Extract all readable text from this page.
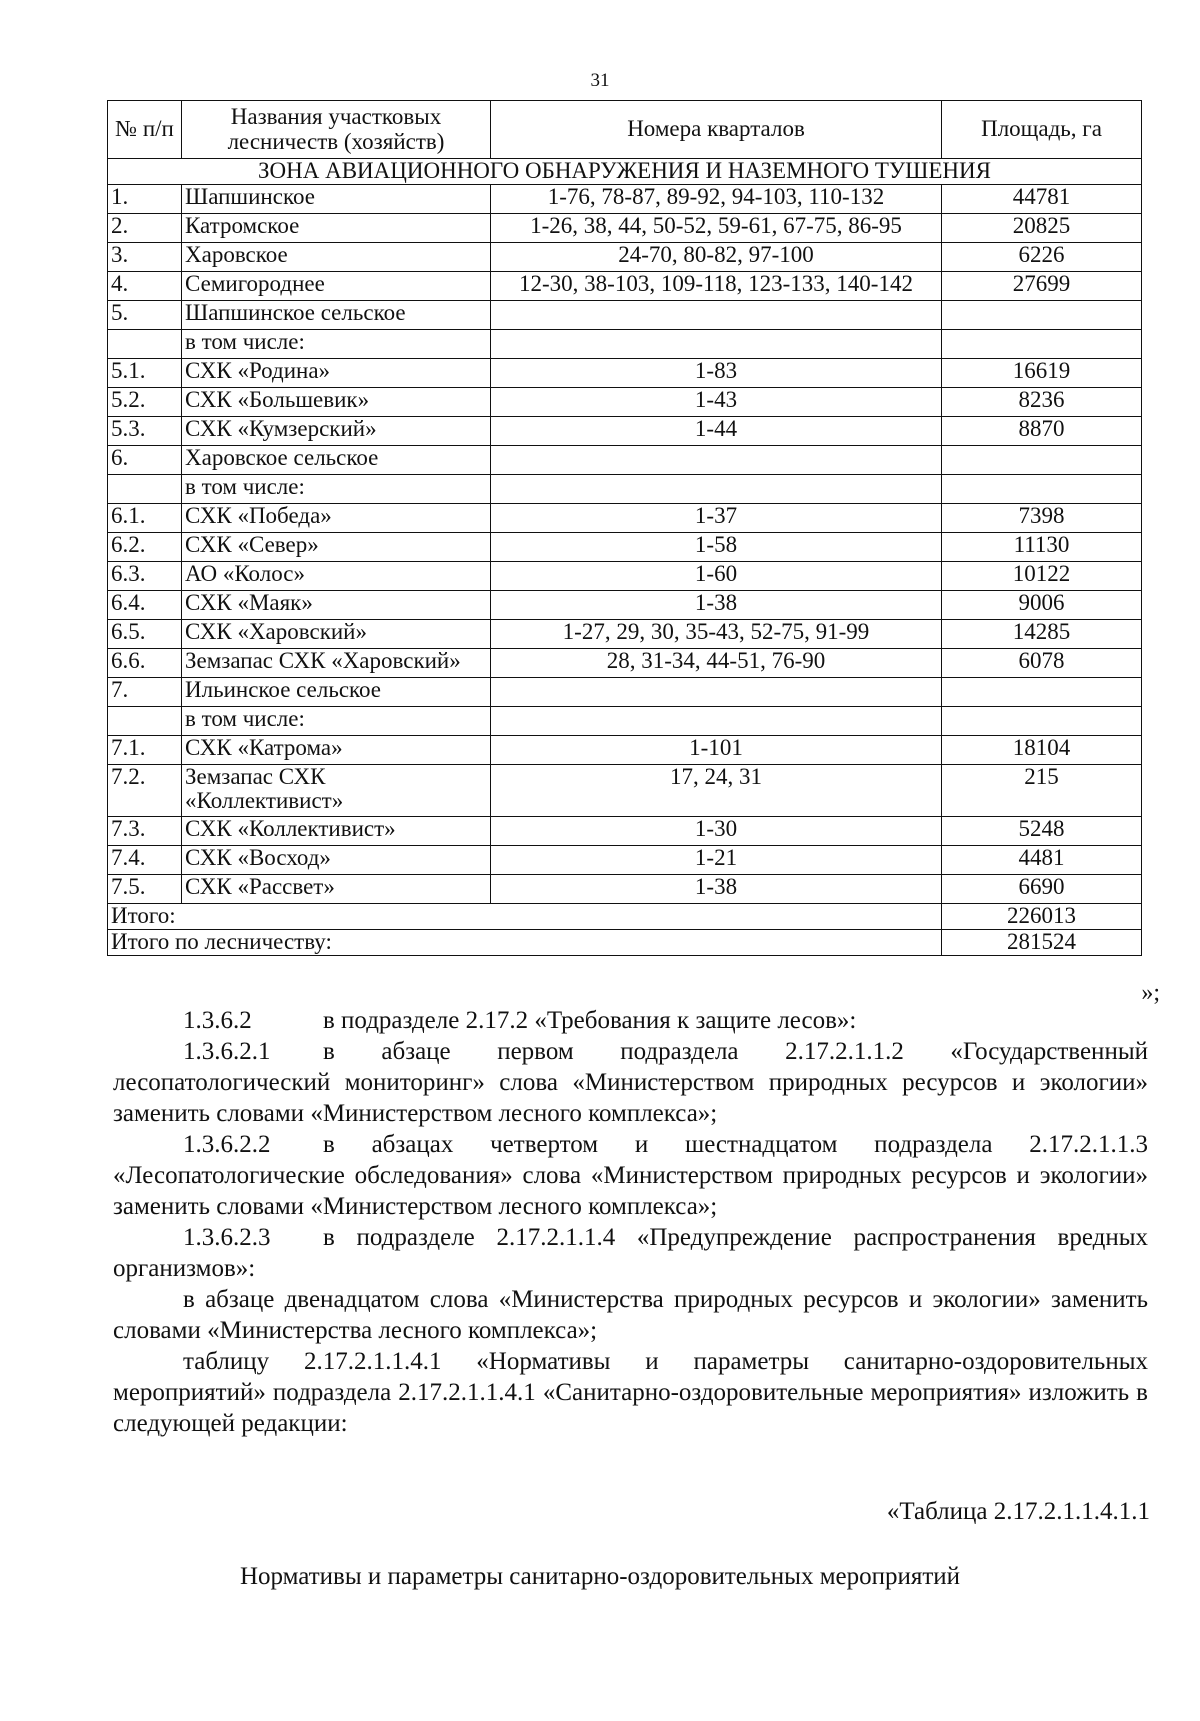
31
№ п/п	Названия участковых лесничеств (хозяйств)	Номера кварталов	Площадь, га
ЗОНА АВИАЦИОННОГО ОБНАРУЖЕНИЯ И НАЗЕМНОГО ТУШЕНИЯ			
1.	Шапшинское	1-76, 78-87, 89-92, 94-103, 110-132	44781
2.	Катромское	1-26, 38, 44, 50-52, 59-61, 67-75, 86-95	20825
3.	Харовское	24-70, 80-82, 97-100	6226
4.	Семигороднее	12-30, 38-103, 109-118, 123-133, 140-142	27699
5.	Шапшинское сельское		
	в том числе:		
5.1.	СХК «Родина»	1-83	16619
5.2.	СХК «Большевик»	1-43	8236
5.3.	СХК «Кумзерский»	1-44	8870
6.	Харовское сельское		
	в том числе:		
6.1.	СХК «Победа»	1-37	7398
6.2.	СХК «Север»	1-58	11130
6.3.	АО «Колос»	1-60	10122
6.4.	СХК «Маяк»	1-38	9006
6.5.	СХК «Харовский»	1-27, 29, 30, 35-43, 52-75, 91-99	14285
6.6.	Земзапас СХК «Харовский»	28, 31-34, 44-51, 76-90	6078
7.	Ильинское сельское		
	в том числе:		
7.1.	СХК «Катрома»	1-101	18104
7.2.	Земзапас СХК «Коллективист»	17, 24, 31	215
7.3.	СХК «Коллективист»	1-30	5248
7.4.	СХК «Восход»	1-21	4481
7.5.	СХК «Рассвет»	1-38	6690
Итого:			226013
Итого по лесничеству:			281524
»;

1.3.6.2	в подразделе 2.17.2 «Требования к защите лесов»:

1.3.6.2.1 в абзаце первом подраздела 2.17.2.1.1.2 «Государственный лесопатологический мониторинг» слова «Министерством природных ресурсов и экологии» заменить словами «Министерством лесного комплекса»;

1.3.6.2.2 в абзацах четвертом и шестнадцатом подраздела 2.17.2.1.1.3 «Лесопатологические обследования» слова «Министерством природных ресурсов и экологии» заменить словами «Министерством лесного комплекса»;

1.3.6.2.3 в подразделе 2.17.2.1.1.4 «Предупреждение распространения вредных организмов»:

в абзаце двенадцатом слова «Министерства природных ресурсов и экологии» заменить словами «Министерства лесного комплекса»;

таблицу 2.17.2.1.1.4.1 «Нормативы и параметры санитарно-оздоровительных мероприятий» подраздела 2.17.2.1.1.4.1 «Санитарно-оздоровительные мероприятия» изложить в следующей редакции:

«Таблица 2.17.2.1.1.4.1.1
Нормативы и параметры санитарно-оздоровительных мероприятий
